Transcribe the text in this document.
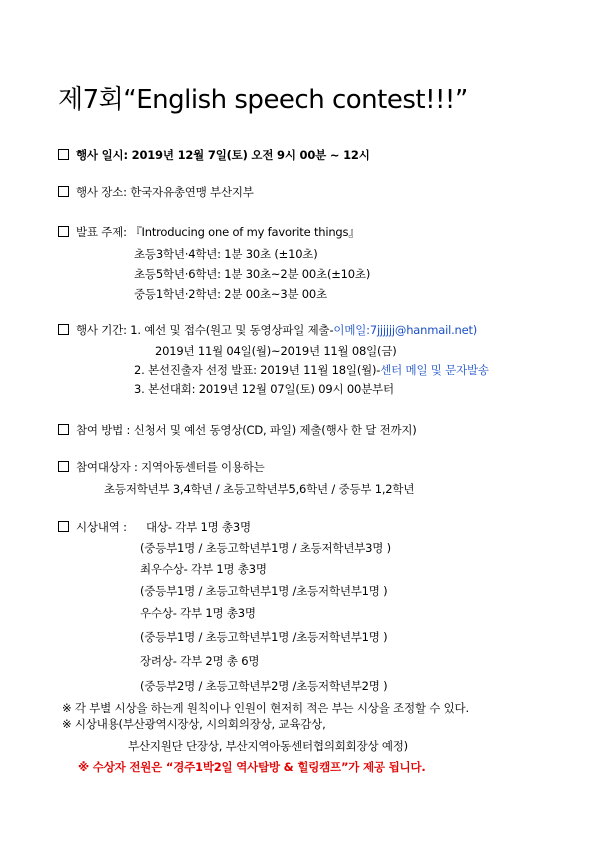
제7회“English speech contest!!!”
행사 일시: 2019년 12월 7일(토) 오전 9시 00분 ~ 12시
행사 장소: 한국자유총연맹 부산지부
발표 주제: 『Introducing one of my favorite things』
초등3학년·4학년: 1분 30초 (±10초)
초등5학년·6학년: 1분 30초~2분 00초(±10초)
중등1학년·2학년: 2분 00초~3분 00초
행사 기간: 1. 예선 및 접수(원고 및 동영상파일 제출-이메일:7jjjjjj@hanmail.net)
2019년 11월 04일(월)~2019년 11월 08일(금)
2. 본선진출자 선정 발표: 2019년 11월 18일(월)-센터 메일 및 문자발송
3. 본선대회: 2019년 12월 07일(토) 09시 00분부터
참여 방법 : 신청서 및 예선 동영상(CD, 파일) 제출(행사 한 달 전까지)
참여대상자 : 지역아동센터를 이용하는
초등저학년부 3,4학년 / 초등고학년부5,6학년 / 중등부 1,2학년
시상내역 : 대상- 각부 1명 총3명
(중등부1명 / 초등고학년부1명 / 초등저학년부3명 )
최우수상- 각부 1명 총3명
(중등부1명 / 초등고학년부1명 /초등저학년부1명 )
우수상- 각부 1명 총3명
(중등부1명 / 초등고학년부1명 /초등저학년부1명 )
장려상- 각부 2명 총 6명
(중등부2명 / 초등고학년부2명 /초등저학년부2명 )
※ 각 부별 시상을 하는게 원칙이나 인원이 현저히 적은 부는 시상을 조정할 수 있다.
※ 시상내용(부산광역시장상, 시의회의장상, 교육감상,
부산지원단 단장상, 부산지역아동센터협의회회장상 예정)
※ 수상자 전원은 “경주1박2일 역사탐방 & 힐링캠프”가 제공 됩니다.
